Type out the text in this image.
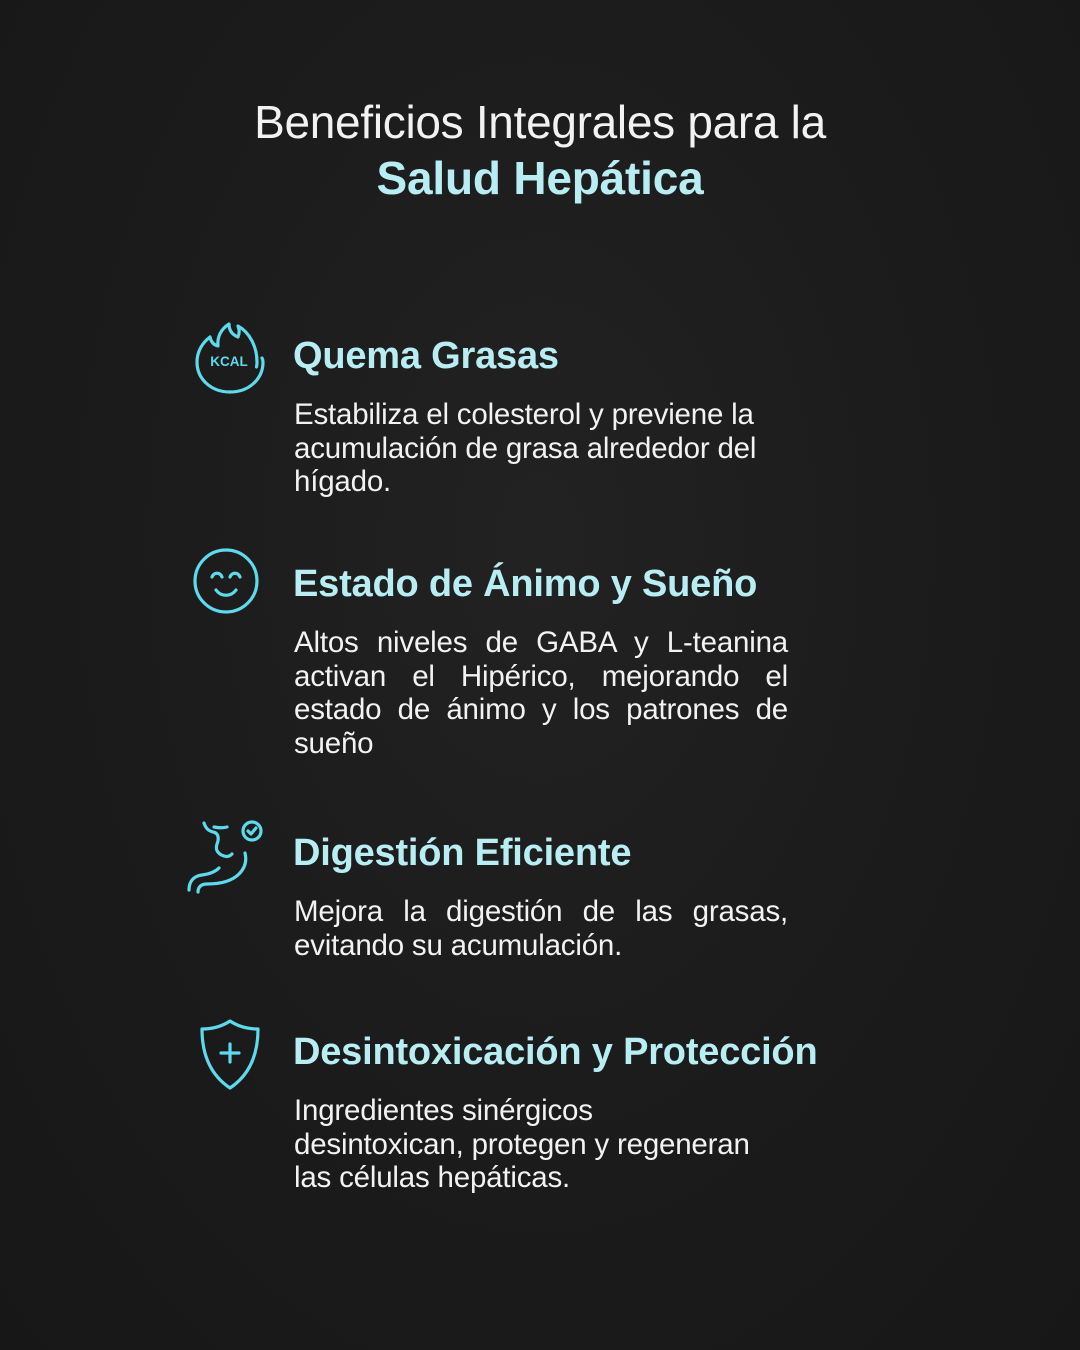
Beneficios Integrales para la
Salud Hepática
KCAL Quema Grasas
Estabiliza el colesterol y previene la acumulación de grasa alrededor del hígado.
Estado de Ánimo y Sueño
Altos niveles de GABA y L-teanina activan el Hipérico, mejorando el estado de ánimo y los patrones de sueño
Digestión Eficiente
Mejora la digestión de las grasas, evitando su acumulación.
Desintoxicación y Protección
Ingredientes sinérgicos desintoxican, protegen y regeneran las células hepáticas.
